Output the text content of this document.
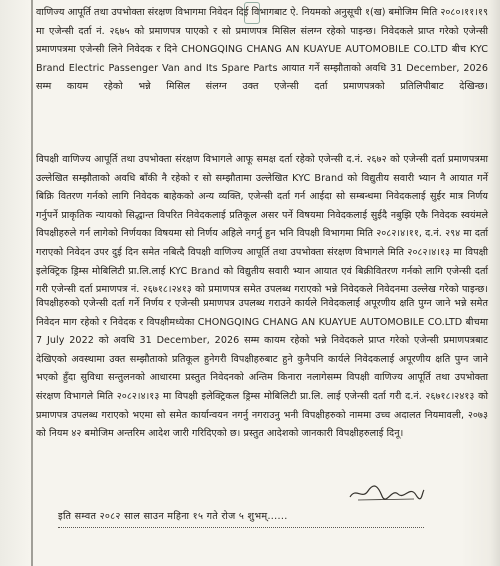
वाणिज्य आपूर्ति तथा उपभोक्ता संरक्षण विभागमा निवेदन दिई विभागबाट ऐ. नियमको अनुसूची १(ख) बमोजिम मिति २०८०।११।१९ मा एजेन्सी दर्ता नं. २६७५ को प्रमाणपत्र पाएको र सो प्रमाणपत्र मिसिल संलग्न रहेको पाइन्छ। निवेदकले प्राप्त गरेको एजेन्सी प्रमाणपत्रमा एजेन्सी लिने निवेदक र दिने CHONGQING CHANG AN KUAYUE AUTOMOBILE CO.LTD बीच KYC Brand Electric Passenger Van and Its Spare Parts आयात गर्ने सम्झौताको अवधि 31 December, 2026 सम्म कायम रहेको भन्ने मिसिल संलग्न उक्त एजेन्सी दर्ता प्रमाणपत्रको प्रतिलिपीबाट देखिन्छ।
विपक्षी वाणिज्य आपूर्ति तथा उपभोक्ता संरक्षण विभागले आफू समक्ष दर्ता रहेको एजेन्सी द.नं. २६७२ को एजेन्सी दर्ता प्रमाणपत्रमा उल्लेखित सम्झौताको अवधि बाँकी नै रहेको र सो सम्झौतामा उल्लेखित KYC Brand को विद्युतीय सवारी भ्यान नै आयात गर्ने बिक्रि वितरण गर्नको लागि निवेदक बाहेकको अन्य व्यक्ति, एजेन्सी दर्ता गर्न आईदा सो सम्बन्धमा निवेदकलाई सुईर मात्र निर्णय गर्नुपर्ने प्राकृतिक न्यायको सिद्धान्त विपरित निवेदकलाई प्रतिकूल असर पर्ने विषयमा निवेदकलाई सुईदै नबुझि एकै निवेदक स्वयंमले विपक्षीहरुले गर्न लागेको निर्णयका विषयमा सो निर्णय अहिले नगर्नु हुन भनि विपक्षी विभागमा मिति २०८२।४।११, द.नं. २९४ मा दर्ता गराएको निवेदन उपर दुई दिन समेत नबित्दै विपक्षी वाणिज्य आपूर्ति तथा उपभोक्ता संरक्षण विभागले मिति २०८२।४।१३ मा विपक्षी इलेक्ट्रिक ड्रिम्स मोबिलिटी प्रा.लि.लाई KYC Brand को विद्युतीय सवारी भ्यान आयात एवं बिक्रीवितरण गर्नको लागि एजेन्सी दर्ता गरी एजेन्सी दर्ता प्रमाणपत्र नं. २६७१८।२४१३ को प्रमाणपत्र समेत उपलब्ध गराएको भन्ने निवेदकले निवेदनमा उल्लेख गरेको पाइन्छ।
विपक्षीहरुको एजेन्सी दर्ता गर्ने निर्णय र एजेन्सी प्रमाणपत्र उपलब्ध गराउने कार्यले निवेदकलाई अपूरणीय क्षति पुग्न जाने भन्ने समेत निवेदन माग रहेको र निवेदक र विपक्षीमध्येका CHONGQING CHANG AN KUAYUE AUTOMOBILE CO.LTD बीचमा 7 July 2022 को अवधि 31 December, 2026 सम्म कायम रहेको भन्ने निवेदकले प्राप्त गरेको एजेन्सी प्रमाणपत्रबाट देखिएको अवस्थामा उक्त सम्झौताको प्रतिकूल हुनेगरी विपक्षीहरुबाट हुने कुनैपनि कार्यले निवेदकलाई अपूरणीय क्षति पुग्न जाने भएको हुँदा सुविधा सन्तुलनको आधारमा प्रस्तुत निवेदनको अन्तिम किनारा नलागेसम्म विपक्षी वाणिज्य आपूर्ति तथा उपभोक्ता संरक्षण विभागले मिति २०८२।४।१३ मा विपक्षी इलेक्ट्रिकल ड्रिम्स मोबिलिटी प्रा.लि. लाई एजेन्सी दर्ता गरी द.नं. २६७१८।२४१३ को प्रमाणपत्र उपलब्ध गराएको भएमा सो समेत कार्यान्वयन नगर्नु नगराउनु भनी विपक्षीहरुको नाममा उच्च अदालत नियमावली, २०७३ को नियम ४२ बमोजिम अन्तरिम आदेश जारी गरिदिएको छ। प्रस्तुत आदेशको जानकारी विपक्षीहरुलाई दिनू।
इति सम्वत २०८२ साल साउन महिना १५ गते रोज ५ शुभम्......
